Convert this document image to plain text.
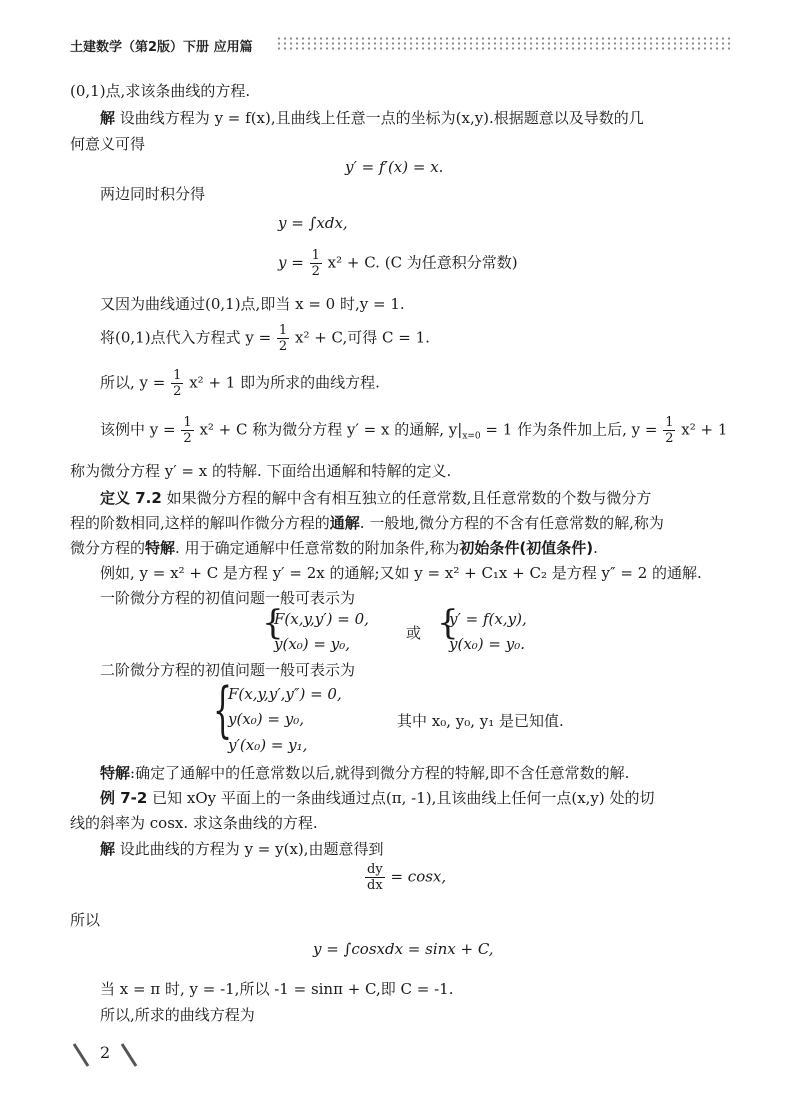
土建数学（第2版）下册 应用篇
(0,1)点,求该条曲线的方程.
解 设曲线方程为 y = f(x),且曲线上任意一点的坐标为(x,y).根据题意以及导数的几
何意义可得
y′ = f′(x) = x.
两边同时积分得
y = ∫xdx,
$y = \frac{1}{2} x^2 + C$. (C 为任意积分常数)
又因为曲线通过(0,1)点,即当 x = 0 时,y = 1.
将(0,1)点代入方程式 $y = \frac{1}{2} x^2 + C$,可得 C = 1.
所以, $y = \frac{1}{2} x^2 + 1$ 即为所求的曲线方程.
该例中 $y = \frac{1}{2} x^2 + C$ 称为微分方程 y′ = x 的通解, $y|_{x=0} = 1$ 作为条件加上后, $y = \frac{1}{2} x^2 + 1$
称为微分方程 y′ = x 的特解. 下面给出通解和特解的定义.
定义 7.2 如果微分方程的解中含有相互独立的任意常数,且任意常数的个数与微分方
程的阶数相同,这样的解叫作微分方程的通解. 一般地,微分方程的不含有任意常数的解,称为
微分方程的特解. 用于确定通解中任意常数的附加条件,称为初始条件(初值条件).
例如, y = x² + C 是方程 y′ = 2x 的通解;又如 y = x² + C₁x + C₂ 是方程 y″ = 2 的通解.
一阶微分方程的初值问题一般可表示为
{
F(x,y,y′) = 0,
y(x₀) = y₀,
或 {
y′ = f(x,y),
y(x₀) = y₀.
二阶微分方程的初值问题一般可表示为
{
F(x,y,y′,y″) = 0,
y(x₀) = y₀,
y′(x₀) = y₁,
其中 x₀, y₀, y₁ 是已知值.
特解:确定了通解中的任意常数以后,就得到微分方程的特解,即不含任意常数的解.
例 7-2 已知 xOy 平面上的一条曲线通过点(π, -1),且该曲线上任何一点(x,y) 处的切
线的斜率为 cosx. 求这条曲线的方程.
解 设此曲线的方程为 y = y(x),由题意得到
$\frac{dy}{dx} = \cos x$,
所以
y = ∫cosxdx = sinx + C,
当 x = π 时, y = -1,所以 -1 = sinπ + C,即 C = -1.
所以,所求的曲线方程为
2
